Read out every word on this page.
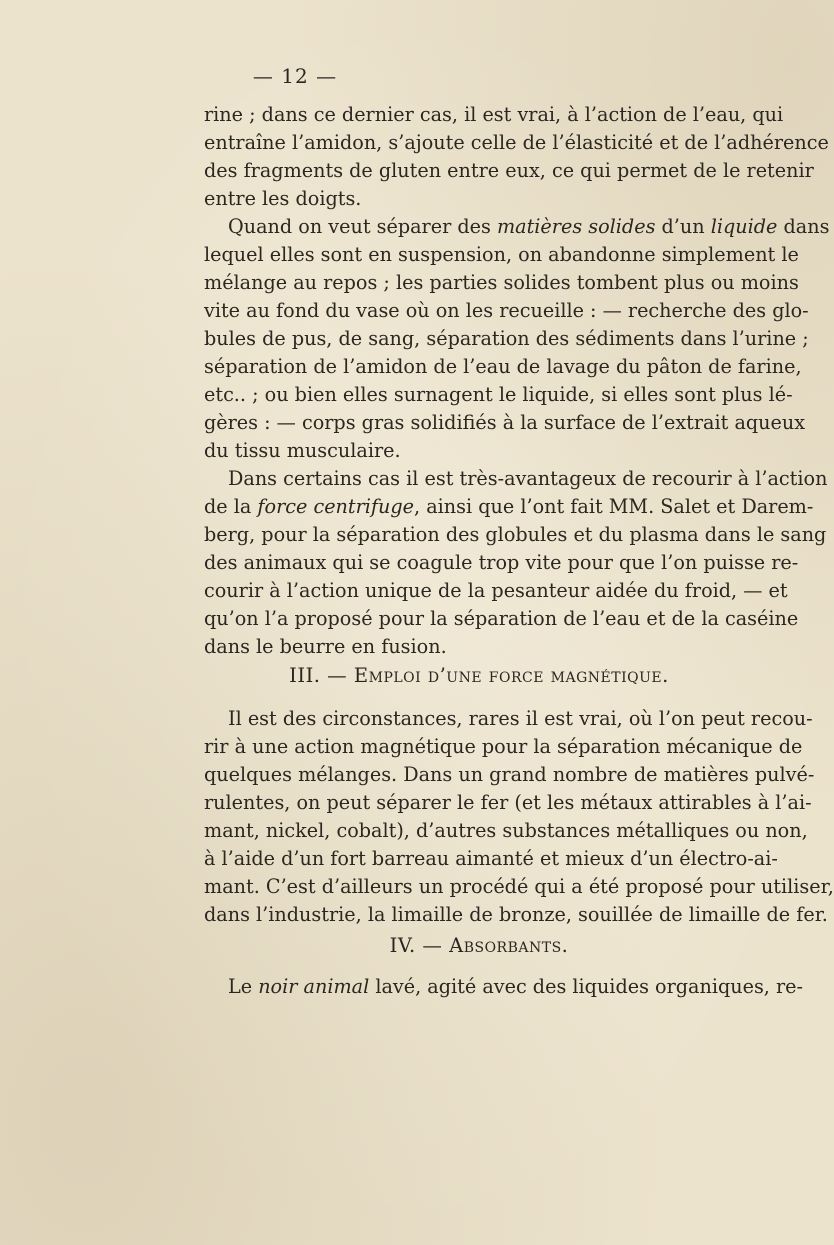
— 12 —
rine ; dans ce dernier cas, il est vrai, à l’action de l’eau, qui
entraîne l’amidon, s’ajoute celle de l’élasticité et de l’adhérence
des fragments de gluten entre eux, ce qui permet de le retenir
entre les doigts.
Quand on veut séparer des matières solides d’un liquide dans
lequel elles sont en suspension, on abandonne simplement le
mélange au repos ; les parties solides tombent plus ou moins
vite au fond du vase où on les recueille : — recherche des glo-
bules de pus, de sang, séparation des sédiments dans l’urine ;
séparation de l’amidon de l’eau de lavage du pâton de farine,
etc.. ; ou bien elles surnagent le liquide, si elles sont plus lé-
gères : — corps gras solidifiés à la surface de l’extrait aqueux
du tissu musculaire.
Dans certains cas il est très-avantageux de recourir à l’action
de la force centrifuge, ainsi que l’ont fait MM. Salet et Darem-
berg, pour la séparation des globules et du plasma dans le sang
des animaux qui se coagule trop vite pour que l’on puisse re-
courir à l’action unique de la pesanteur aidée du froid, — et
qu’on l’a proposé pour la séparation de l’eau et de la caséine
dans le beurre en fusion.
III. — Emploi d’une force magnétique.
Il est des circonstances, rares il est vrai, où l’on peut recou-
rir à une action magnétique pour la séparation mécanique de
quelques mélanges. Dans un grand nombre de matières pulvé-
rulentes, on peut séparer le fer (et les métaux attirables à l’ai-
mant, nickel, cobalt), d’autres substances métalliques ou non,
à l’aide d’un fort barreau aimanté et mieux d’un électro-ai-
mant. C’est d’ailleurs un procédé qui a été proposé pour utiliser,
dans l’industrie, la limaille de bronze, souillée de limaille de fer.
IV. — Absorbants.
Le noir animal lavé, agité avec des liquides organiques, re-
